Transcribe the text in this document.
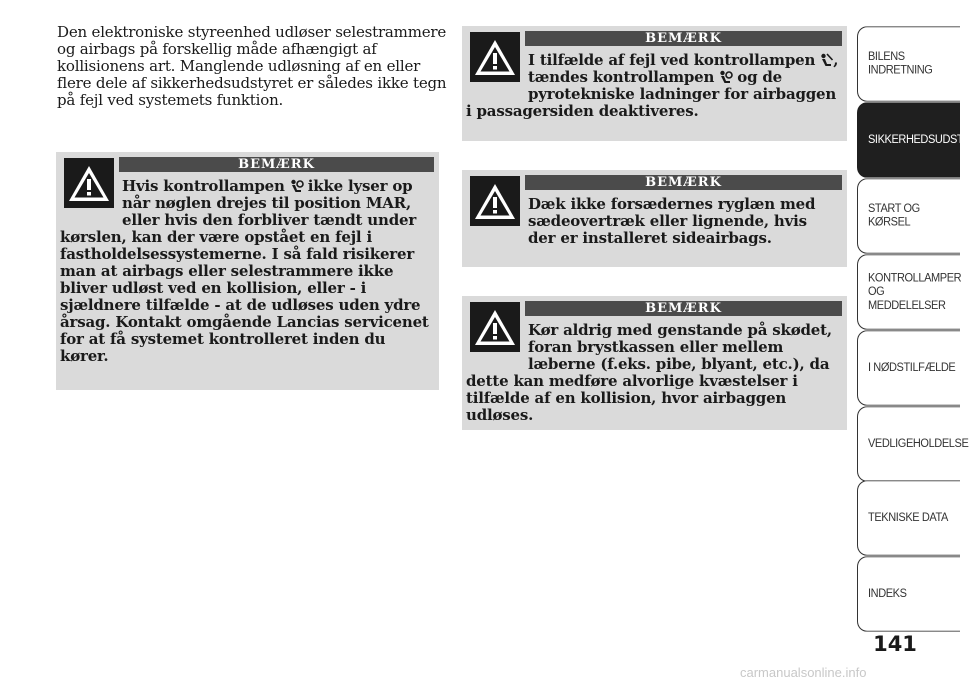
Den elektroniske styreenhed udløser selestrammere og airbags på forskellig måde afhængigt af kollisionens art. Manglende udløsning af en eller flere dele af sikkerhedsudstyret er således ikke tegn på fejl ved systemets funktion.
BEMÆRK
Hvis kontrollampen
ikke lyser op når nøglen drejes til position MAR, eller hvis den forbliver tændt under kørslen, kan der være opstået en fejl i fastholdelsessystemerne. I så fald risikerer man at airbags eller selestrammere ikke bliver udløst ved en kollision, eller - i sjældnere tilfælde - at de udløses uden ydre årsag. Kontakt omgående Lancias servicenet for at få systemet kontrolleret inden du kører.
BEMÆRK
I tilfælde af fejl ved kontrollampen
, tændes kontrollampen
og de pyrotekniske ladninger for airbaggen i passagersiden deaktiveres.
BEMÆRK
Dæk ikke forsædernes ryglæn med sædeovertræk eller lignende, hvis der er installeret sideairbags.
BEMÆRK
Kør aldrig med genstande på skødet, foran brystkassen eller mellem læberne (f.eks. pibe, blyant, etc.), da dette kan medføre alvorlige kvæstelser i tilfælde af en kollision, hvor airbaggen udløses.
BILENS
INDRETNING
SIKKERHEDSUDSTYR
START OG KØRSEL
KONTROLLAMPER
OG MEDDELELSER
I NØDSTILFÆLDE
VEDLIGEHOLDELSE
TEKNISKE DATA
INDEKS
141
carmanualsonline.info
